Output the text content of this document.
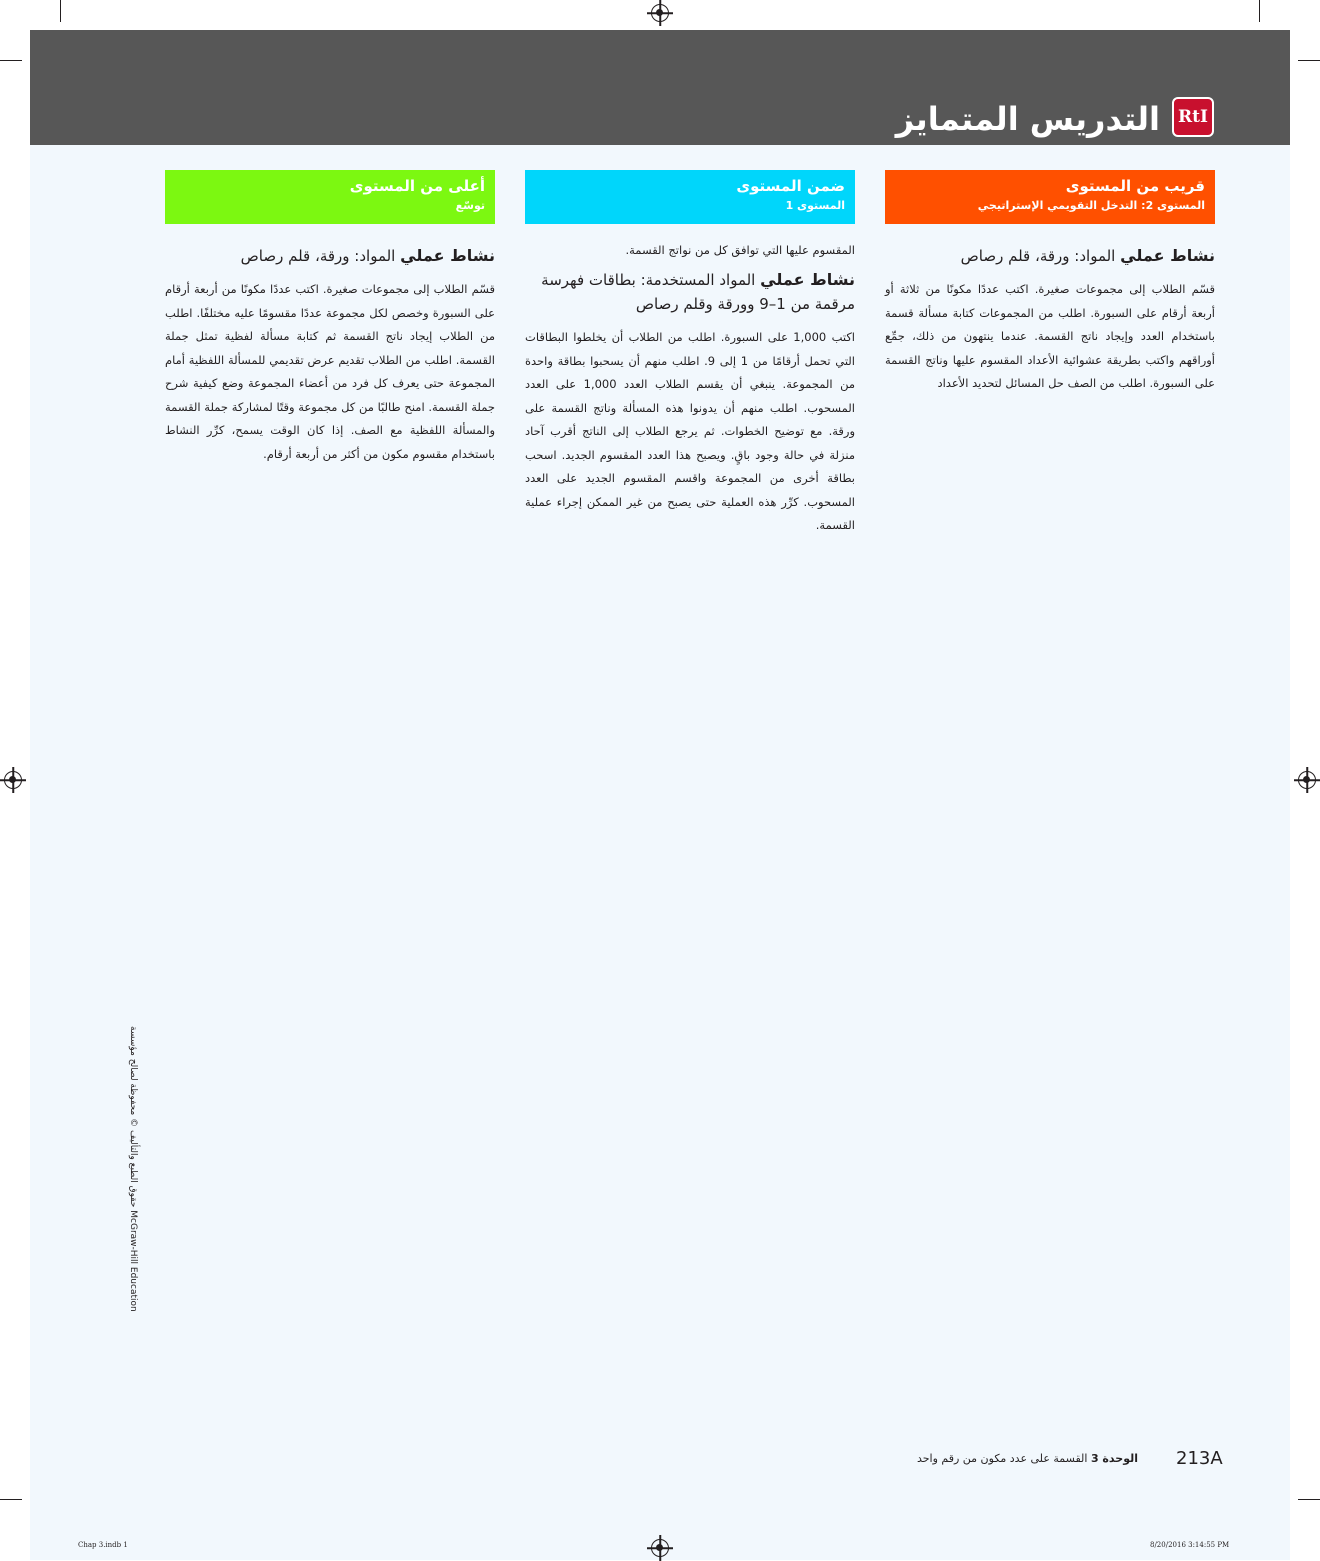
التدريس المتمايز	RtI
قريب من المستوى
المستوى 2: التدخل التقويمي الإستراتيجي
نشاط عملي المواد: ورقة، قلم رصاص
قسّم الطلاب إلى مجموعات صغيرة. اكتب عددًا مكونًا من ثلاثة أو أربعة أرقام على السبورة. اطلب من المجموعات كتابة مسألة قسمة باستخدام العدد وإيجاد ناتج القسمة. عندما ينتهون من ذلك، جمِّع أوراقهم واكتب بطريقة عشوائية الأعداد المقسوم عليها وناتج القسمة على السبورة. اطلب من الصف حل المسائل لتحديد الأعداد
ضمن المستوى
المستوى 1
المقسوم عليها التي توافق كل من نواتج القسمة.
نشاط عملي المواد المستخدمة: بطاقات فهرسة مرقمة من 1–9 وورقة وقلم رصاص
اكتب 1,000 على السبورة. اطلب من الطلاب أن يخلطوا البطاقات التي تحمل أرقامًا من 1 إلى 9. اطلب منهم أن يسحبوا بطاقة واحدة من المجموعة. ينبغي أن يقسم الطلاب العدد 1,000 على العدد المسحوب. اطلب منهم أن يدونوا هذه المسألة وناتج القسمة على ورقة. مع توضيح الخطوات. ثم يرجع الطلاب إلى الناتج أقرب آحاد منزلة في حالة وجود باقٍ. ويصبح هذا العدد المقسوم الجديد. اسحب بطاقة أخرى من المجموعة واقسم المقسوم الجديد على العدد المسحوب. كرِّر هذه العملية حتى يصبح من غير الممكن إجراء عملية القسمة.
أعلى من المستوى
توسّع
نشاط عملي المواد: ورقة، قلم رصاص
قسّم الطلاب إلى مجموعات صغيرة. اكتب عددًا مكونًا من أربعة أرقام على السبورة وخصص لكل مجموعة عددًا مقسومًا عليه مختلفًا. اطلب من الطلاب إيجاد ناتج القسمة ثم كتابة مسألة لفظية تمثل جملة القسمة. اطلب من الطلاب تقديم عرض تقديمي للمسألة اللفظية أمام المجموعة حتى يعرف كل فرد من أعضاء المجموعة وضع كيفية شرح جملة القسمة. امنح طالبًا من كل مجموعة وقتًا لمشاركة جملة القسمة والمسألة اللفظية مع الصف. إذا كان الوقت يسمح، كرِّر النشاط باستخدام مقسوم مكون من أكثر من أربعة أرقام.
حقوق الطبع والتأليف © محفوظة لصالح مؤسسة McGraw-Hill Education
213A
الوحدة 3 القسمة على عدد مكون من رقم واحد
Chap 3.indb 1	8/20/2016 3:14:55 PM
